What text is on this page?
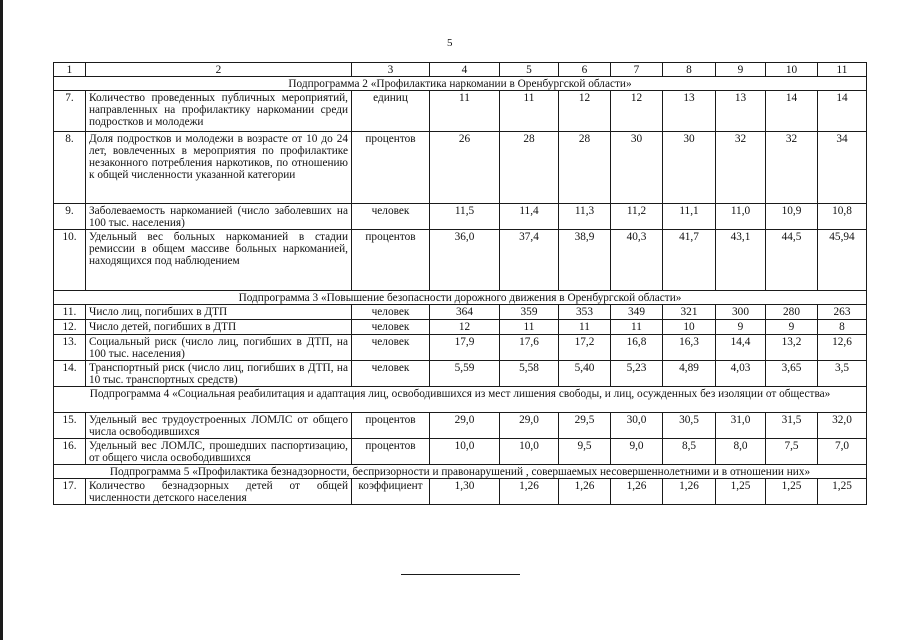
5
1	2	3	4	5	6	7	8	9	10	11
Подпрограмма 2 «Профилактика наркомании в Оренбургской области»										
7.	Количество проведенных публичных мероприятий, направленных на профилактику наркомании среди подростков и молодежи	единиц	11	11	12	12	13	13	14	14
8.	Доля подростков и молодежи в возрасте от 10 до 24 лет, вовлеченных в мероприятия по профилактике незаконного потребления наркотиков, по отношению к общей численности указанной категории	процентов	26	28	28	30	30	32	32	34
9.	Заболеваемость наркоманией (число заболевших на 100 тыс. населения)	человек	11,5	11,4	11,3	11,2	11,1	11,0	10,9	10,8
10.	Удельный вес больных наркоманией в стадии ремиссии в общем массиве больных наркоманией, находящихся под наблюдением	процентов	36,0	37,4	38,9	40,3	41,7	43,1	44,5	45,94
Подпрограмма 3 «Повышение безопасности дорожного движения в Оренбургской области»										
11.	Число лиц, погибших в ДТП	человек	364	359	353	349	321	300	280	263
12.	Число детей, погибших в ДТП	человек	12	11	11	11	10	9	9	8
13.	Социальный риск (число лиц, погибших в ДТП, на 100 тыс. населения)	человек	17,9	17,6	17,2	16,8	16,3	14,4	13,2	12,6
14.	Транспортный риск (число лиц, погибших в ДТП, на 10 тыс. транспортных средств)	человек	5,59	5,58	5,40	5,23	4,89	4,03	3,65	3,5
Подпрограмма 4 «Социальная реабилитация и адаптация лиц, освободившихся из мест лишения свободы, и лиц, осужденных без изоляции от общества»										
15.	Удельный вес трудоустроенных ЛОМЛС от общего числа освободившихся	процентов	29,0	29,0	29,5	30,0	30,5	31,0	31,5	32,0
16.	Удельный вес ЛОМЛС, прошедших паспортизацию, от общего числа освободившихся	процентов	10,0	10,0	9,5	9,0	8,5	8,0	7,5	7,0
Подпрограмма 5 «Профилактика безнадзорности, беспризорности и правонарушений , совершаемых несовершеннолетними и в отношении них»										
17.	Количество безнадзорных детей от общей численности детского населения	коэффициент	1,30	1,26	1,26	1,26	1,26	1,25	1,25	1,25
